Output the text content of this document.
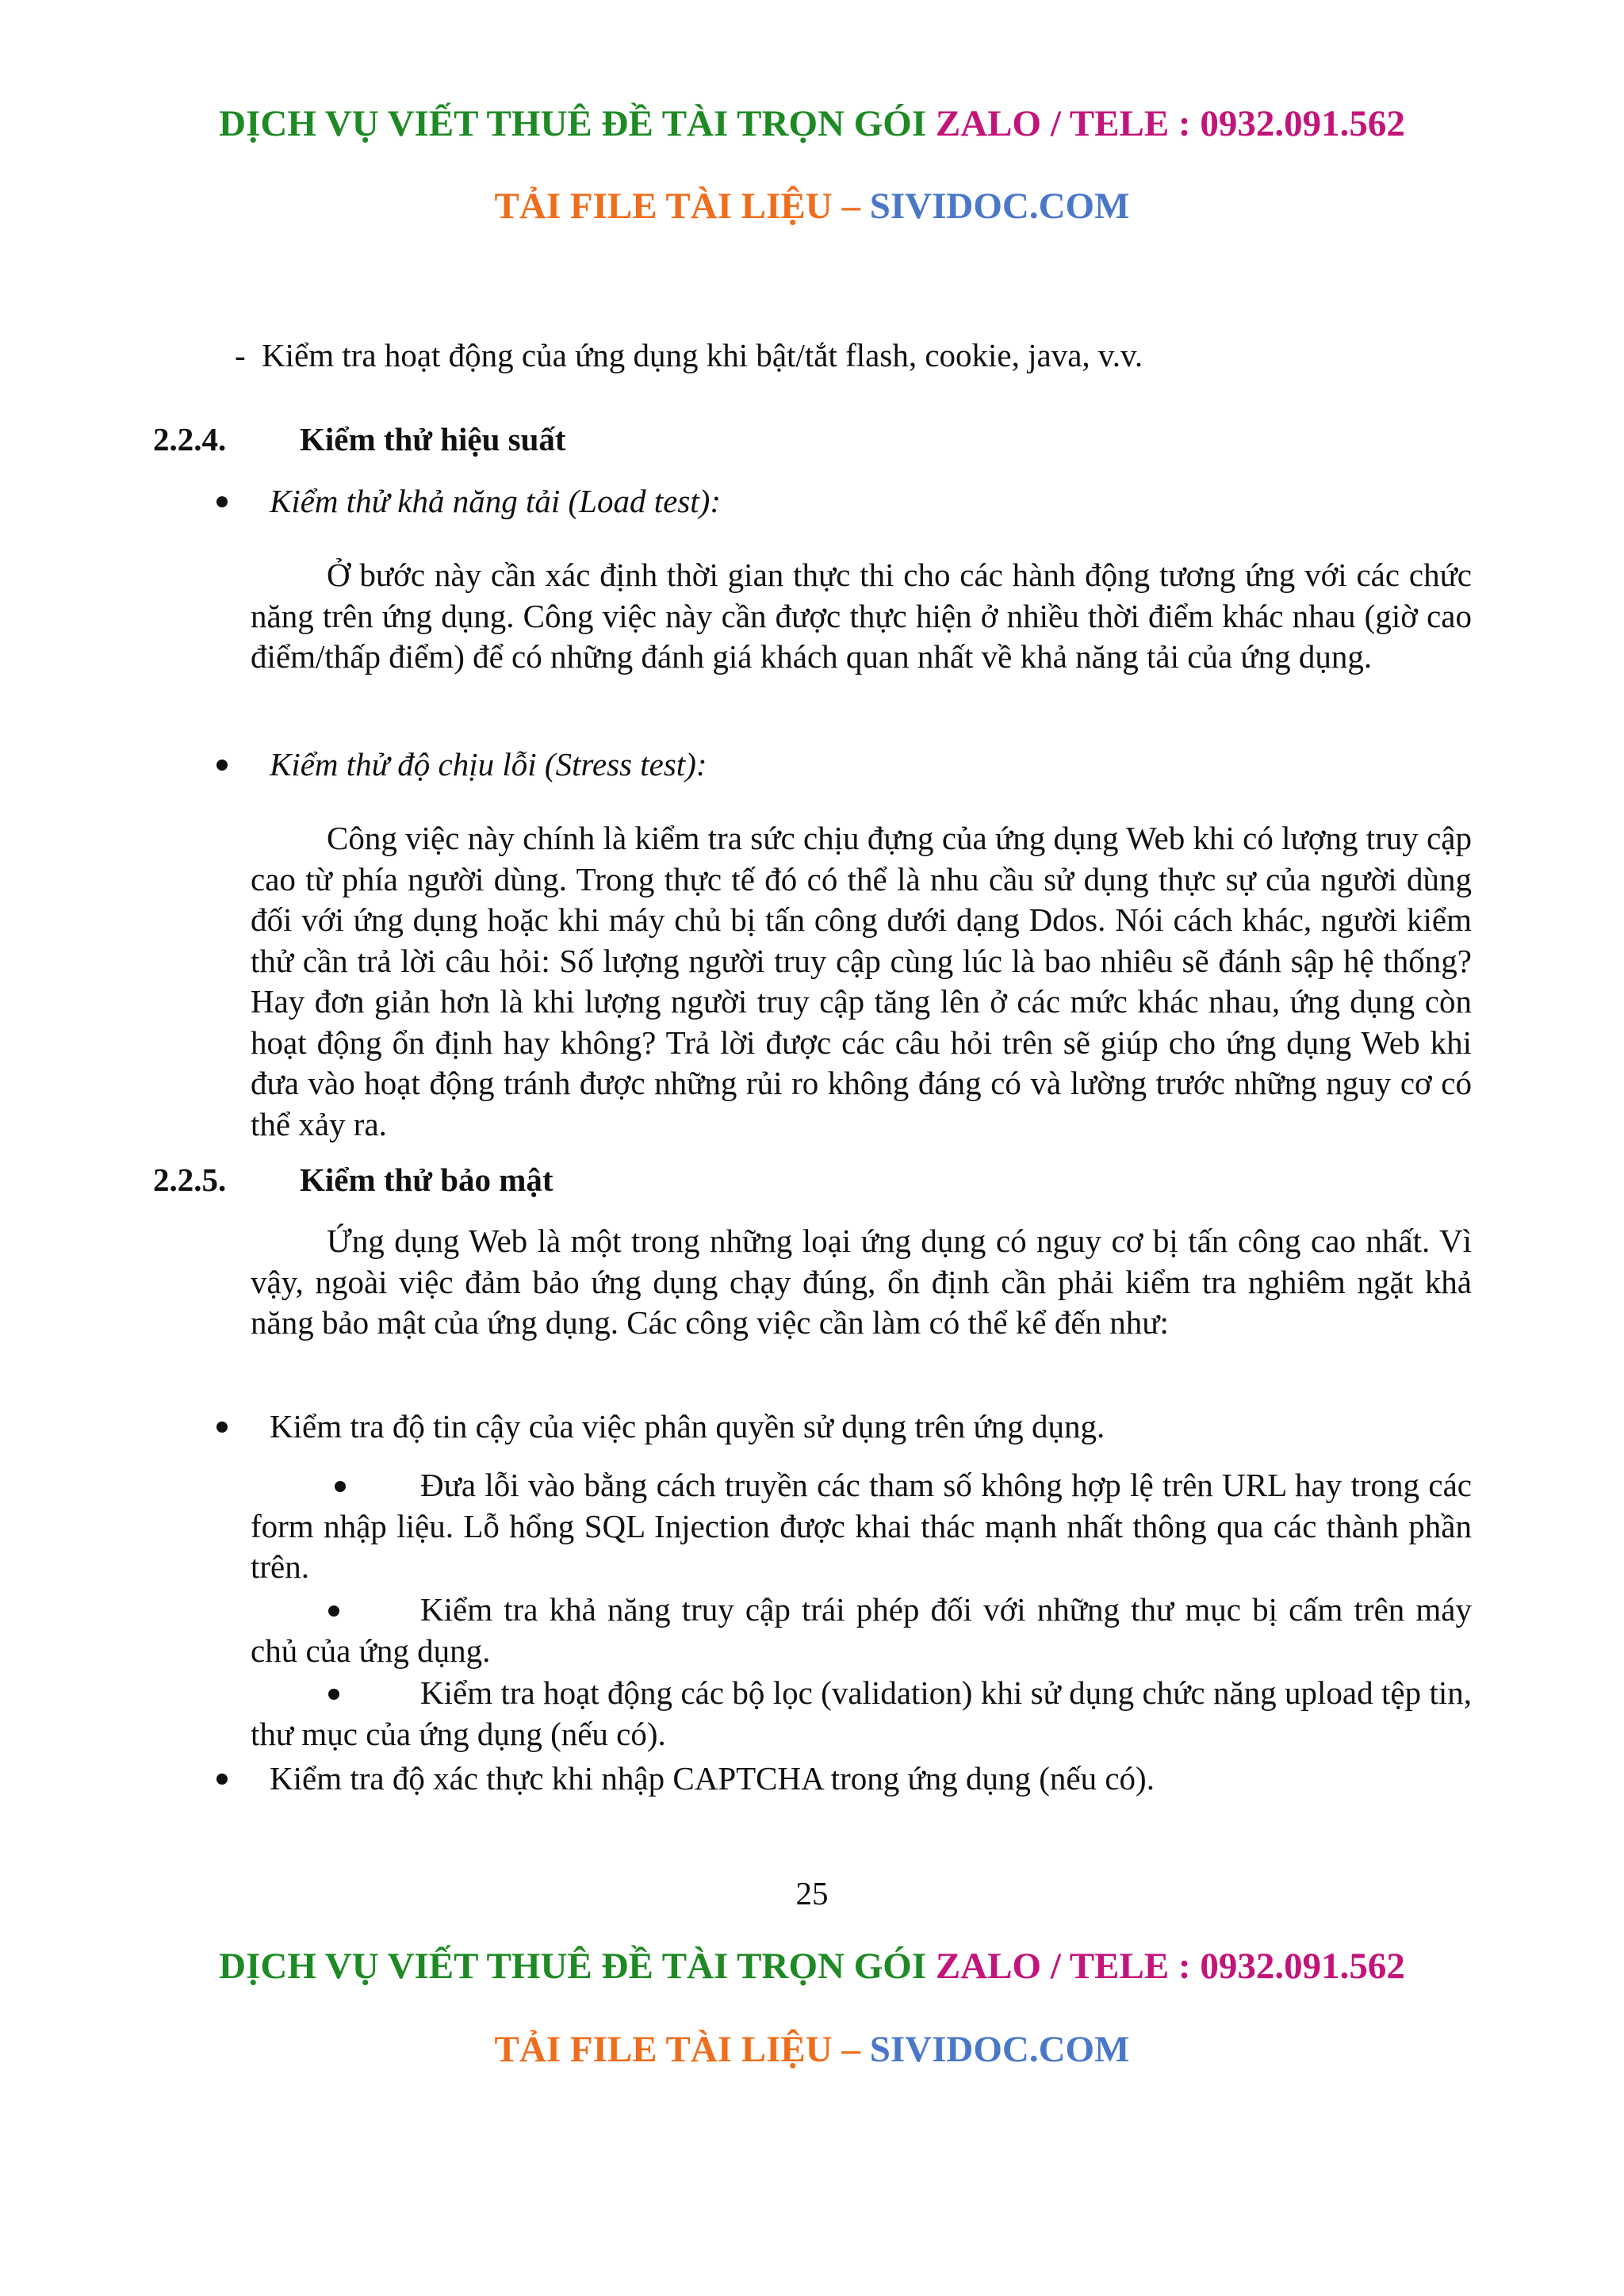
DỊCH VỤ VIẾT THUÊ ĐỀ TÀI TRỌN GÓI ZALO / TELE : 0932.091.562
TẢI FILE TÀI LIỆU – SIVIDOC.COM
- Kiểm tra hoạt động của ứng dụng khi bật/tắt flash, cookie, java, v.v.
2.2.4. Kiểm thử hiệu suất
Kiểm thử khả năng tải (Load test):
Ở bước này cần xác định thời gian thực thi cho các hành động tương ứng với các chức năng trên ứng dụng. Công việc này cần được thực hiện ở nhiều thời điểm khác nhau (giờ cao điểm/thấp điểm) để có những đánh giá khách quan nhất về khả năng tải của ứng dụng.
Kiểm thử độ chịu lỗi (Stress test):
Công việc này chính là kiểm tra sức chịu đựng của ứng dụng Web khi có lượng truy cập cao từ phía người dùng. Trong thực tế đó có thể là nhu cầu sử dụng thực sự của người dùng đối với ứng dụng hoặc khi máy chủ bị tấn công dưới dạng Ddos. Nói cách khác, người kiểm thử cần trả lời câu hỏi: Số lượng người truy cập cùng lúc là bao nhiêu sẽ đánh sập hệ thống? Hay đơn giản hơn là khi lượng người truy cập tăng lên ở các mức khác nhau, ứng dụng còn hoạt động ổn định hay không? Trả lời được các câu hỏi trên sẽ giúp cho ứng dụng Web khi đưa vào hoạt động tránh được những rủi ro không đáng có và lường trước những nguy cơ có thể xảy ra.
2.2.5. Kiểm thử bảo mật
Ứng dụng Web là một trong những loại ứng dụng có nguy cơ bị tấn công cao nhất. Vì vậy, ngoài việc đảm bảo ứng dụng chạy đúng, ổn định cần phải kiểm tra nghiêm ngặt khả năng bảo mật của ứng dụng. Các công việc cần làm có thể kể đến như:
Kiểm tra độ tin cậy của việc phân quyền sử dụng trên ứng dụng.
Đưa lỗi vào bằng cách truyền các tham số không hợp lệ trên URL hay trong các form nhập liệu. Lỗ hổng SQL Injection được khai thác mạnh nhất thông qua các thành phần trên.
Kiểm tra khả năng truy cập trái phép đối với những thư mục bị cấm trên máy chủ của ứng dụng.
Kiểm tra hoạt động các bộ lọc (validation) khi sử dụng chức năng upload tệp tin, thư mục của ứng dụng (nếu có).
Kiểm tra độ xác thực khi nhập CAPTCHA trong ứng dụng (nếu có).
25
DỊCH VỤ VIẾT THUÊ ĐỀ TÀI TRỌN GÓI ZALO / TELE : 0932.091.562
TẢI FILE TÀI LIỆU – SIVIDOC.COM
